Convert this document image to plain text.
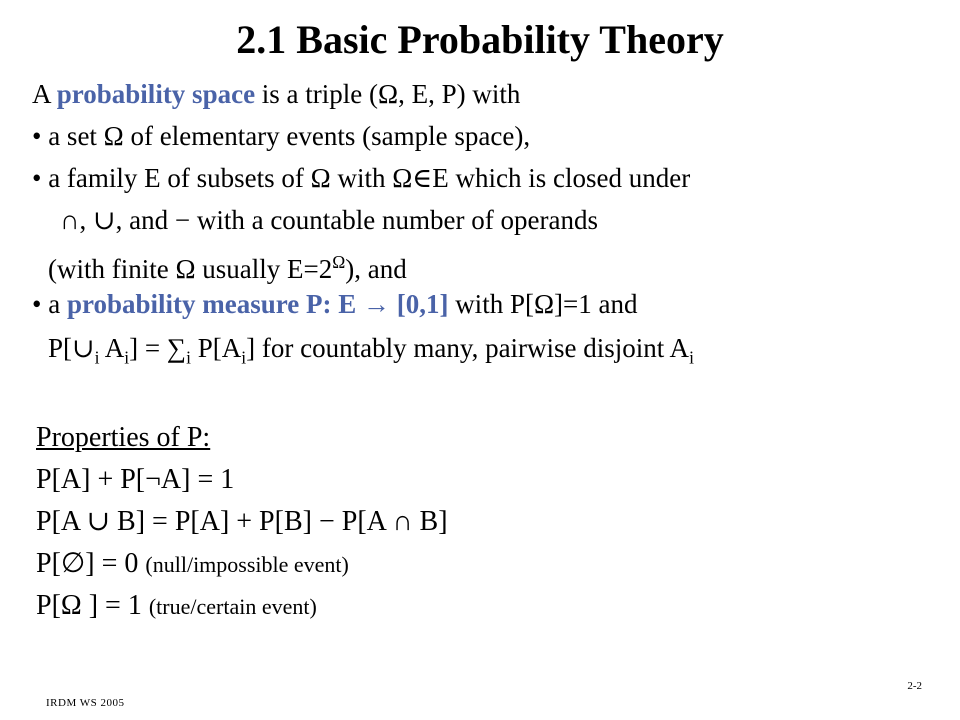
2.1 Basic Probability Theory
A probability space is a triple (Ω, E, P) with
• a set Ω of elementary events (sample space),
• a family E of subsets of Ω with Ω∈E which is closed under
∩, ∪, and − with a countable number of operands
(with finite Ω usually $E=2^\Omega$), and
• a probability measure P: E → [0,1] with P[Ω]=1 and
$P[\cup_i$ $A_i] = \sum_i$ $P[A_i]$ for countably many, pairwise disjoint $A_i$
Properties of P:
P[A] + P[¬A] = 1
P[A ∪ B] = P[A] + P[B] − P[A ∩ B]
P[∅] = 0 (null/impossible event)
P[Ω ] = 1 (true/certain event)
IRDM WS 2005
2-2
